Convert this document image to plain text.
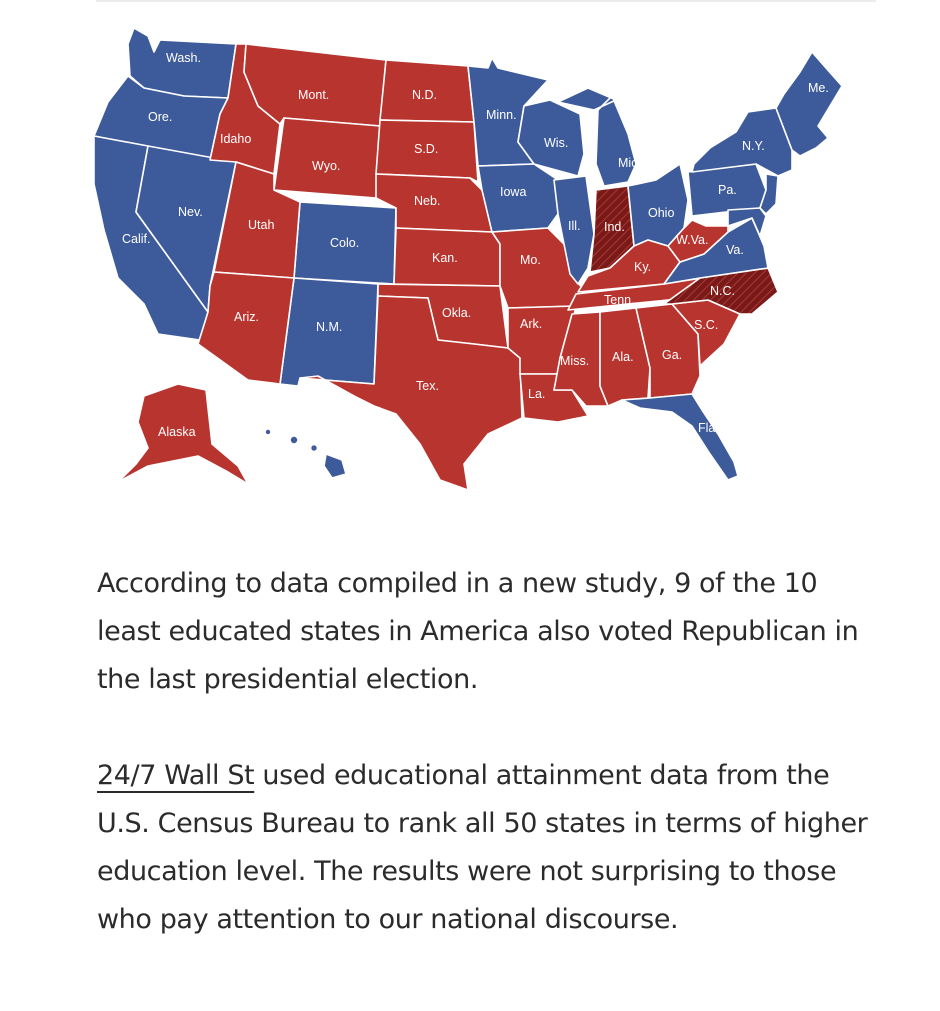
Wash.
Ore.
Calif.
Nev.
Idaho
Mont.
Wyo.
Utah
Ariz.
Colo.
N.M.
N.D.
S.D.
Neb.
Kan.
Okla.
Tex.
Minn.
Iowa
Mo.
Ark.
La.
Wis.
Ill.
Mich.
Ind.
Ohio
Ky.
Tenn.
Miss. Ala. Ga.
Fla.
S.C.
N.C.
Va.
W.Va.
Pa.
N.Y.
Me.
Alaska

According to data compiled in a new study, 9 of the 10 least educated states in America also voted Republican in the last presidential election.

24/7 Wall St used educational attainment data from the U.S. Census Bureau to rank all 50 states in terms of higher education level. The results were not surprising to those who pay attention to our national discourse.
